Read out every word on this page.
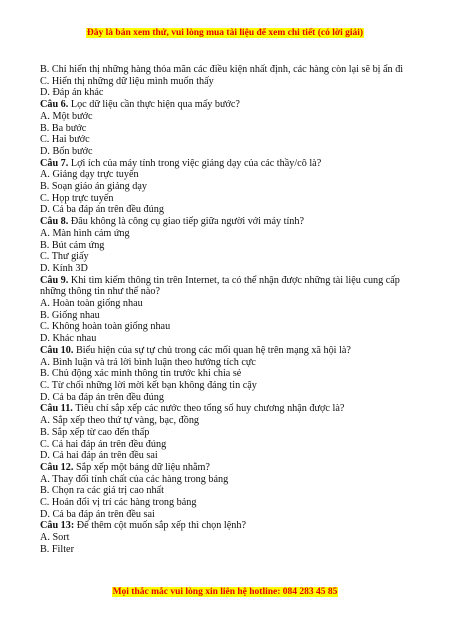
Đây là bản xem thử, vui lòng mua tài liệu để xem chi tiết (có lời giải)
B. Chỉ hiển thị những hàng thỏa mãn các điều kiện nhất định, các hàng còn lại sẽ bị ẩn đi
C. Hiển thị những dữ liệu mình muốn thấy
D. Đáp án khác
Câu 6. Lọc dữ liệu cần thực hiện qua mấy bước?
A. Một bước
B. Ba bước
C. Hai bước
D. Bốn bước
Câu 7. Lợi ích của máy tính trong việc giảng dạy của các thầy/cô là?
A. Giảng dạy trực tuyến
B. Soạn giáo án giảng dạy
C. Họp trực tuyến
D. Cả ba đáp án trên đều đúng
Câu 8. Đâu không là công cụ giao tiếp giữa người với máy tính?
A. Màn hình cảm ứng
B. Bút cảm ứng
C. Thư giấy
D. Kính 3D
Câu 9. Khi tìm kiếm thông tin trên Internet, ta có thể nhận được những tài liệu cung cấp những thông tin như thế nào?
A. Hoàn toàn giống nhau
B. Giống nhau
C. Không hoàn toàn giống nhau
D. Khác nhau
Câu 10. Biểu hiện của sự tự chủ trong các mối quan hệ trên mạng xã hội là?
A. Bình luận và trả lời bình luận theo hướng tích cực
B. Chủ động xác minh thông tin trước khi chia sẻ
C. Từ chối những lời mời kết bạn không đáng tin cậy
D. Cả ba đáp án trên đều đúng
Câu 11. Tiêu chí sắp xếp các nước theo tổng số huy chương nhận được là?
A. Sắp xếp theo thứ tự vàng, bạc, đồng
B. Sắp xếp từ cao đến thấp
C. Cả hai đáp án trên đều đúng
D. Cả hai đáp án trên đều sai
Câu 12. Sắp xếp một bảng dữ liệu nhằm?
A. Thay đổi tính chất của các hàng trong bảng
B. Chọn ra các giá trị cao nhất
C. Hoán đổi vị trí các hàng trong bảng
D. Cả ba đáp án trên đều sai
Câu 13: Để thêm cột muốn sắp xếp thì chọn lệnh?
A. Sort
B. Filter
Mọi thắc mắc vui lòng xin liên hệ hotline: 084 283 45 85
